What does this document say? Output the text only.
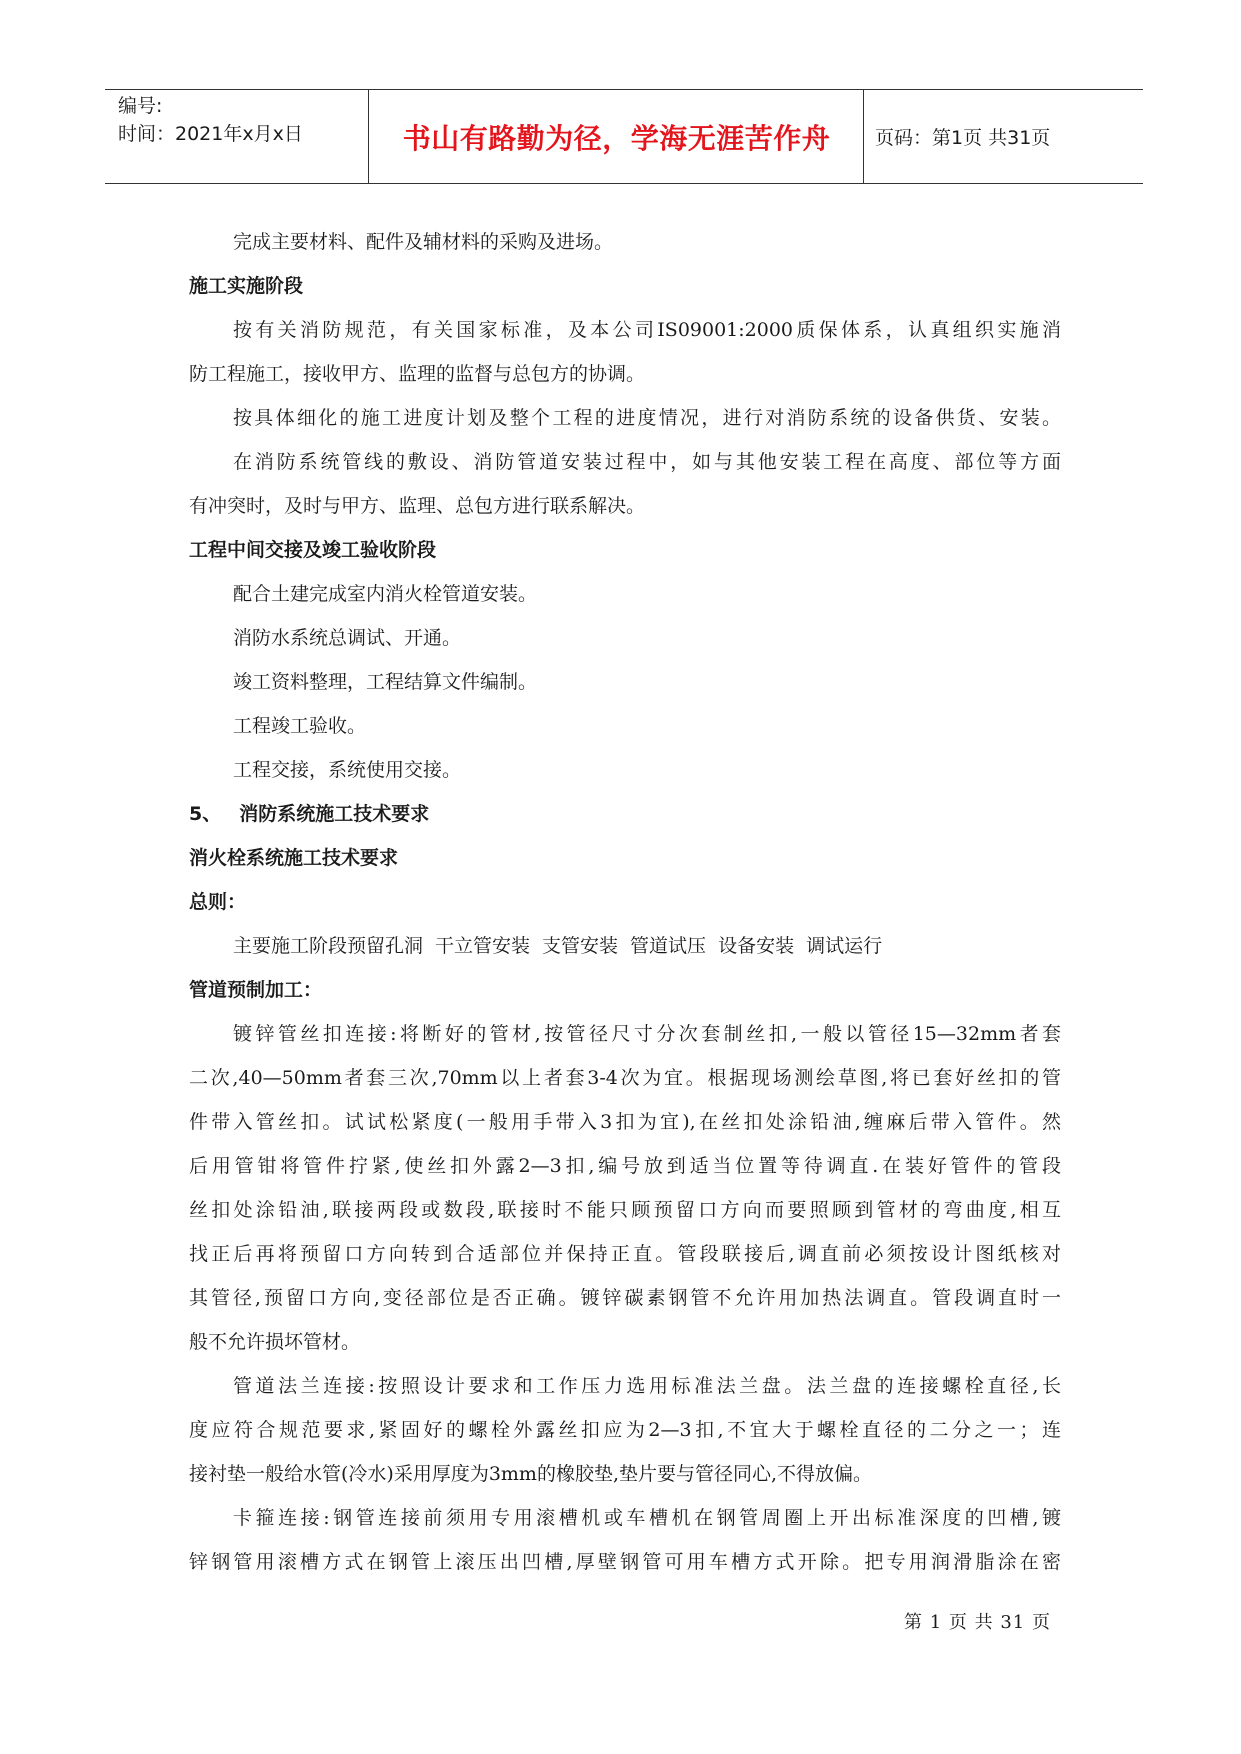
编号:
时间：2021年x月x日	书山有路勤为径，学海无涯苦作舟 页码：第1页 共31页
完成主要材料、配件及辅材料的采购及进场。
施工实施阶段
按有关消防规范，有关国家标准，及本公司IS09001:2000质保体系，认真组织实施消
防工程施工，接收甲方、监理的监督与总包方的协调。
按具体细化的施工进度计划及整个工程的进度情况，进行对消防系统的设备供货、安装。
在消防系统管线的敷设、消防管道安装过程中，如与其他安装工程在高度、部位等方面
有冲突时，及时与甲方、监理、总包方进行联系解决。
工程中间交接及竣工验收阶段
配合土建完成室内消火栓管道安装。
消防水系统总调试、开通。
竣工资料整理，工程结算文件编制。
工程竣工验收。
工程交接，系统使用交接。
5、 消防系统施工技术要求
消火栓系统施工技术要求
总则：
主要施工阶段预留孔洞 干立管安装 支管安装 管道试压 设备安装 调试运行
管道预制加工：
镀锌管丝扣连接:将断好的管材,按管径尺寸分次套制丝扣,一般以管径15—32mm者套
二次,40—50mm者套三次,70mm以上者套3-4次为宜。根据现场测绘草图,将已套好丝扣的管
件带入管丝扣。试试松紧度(一般用手带入3扣为宜),在丝扣处涂铅油,缠麻后带入管件。然
后用管钳将管件拧紧,使丝扣外露2—3扣,编号放到适当位置等待调直.在装好管件的管段
丝扣处涂铅油,联接两段或数段,联接时不能只顾预留口方向而要照顾到管材的弯曲度,相互
找正后再将预留口方向转到合适部位并保持正直。管段联接后,调直前必须按设计图纸核对
其管径,预留口方向,变径部位是否正确。镀锌碳素钢管不允许用加热法调直。管段调直时一
般不允许损坏管材。
管道法兰连接:按照设计要求和工作压力选用标准法兰盘。法兰盘的连接螺栓直径,长
度应符合规范要求,紧固好的螺栓外露丝扣应为2—3扣,不宜大于螺栓直径的二分之一；连
接衬垫一般给水管(冷水)采用厚度为3mm的橡胶垫,垫片要与管径同心,不得放偏。
卡箍连接:钢管连接前须用专用滚槽机或车槽机在钢管周圈上开出标准深度的凹槽,镀
锌钢管用滚槽方式在钢管上滚压出凹槽,厚壁钢管可用车槽方式开除。把专用润滑脂涂在密
第 1 页 共 31 页
